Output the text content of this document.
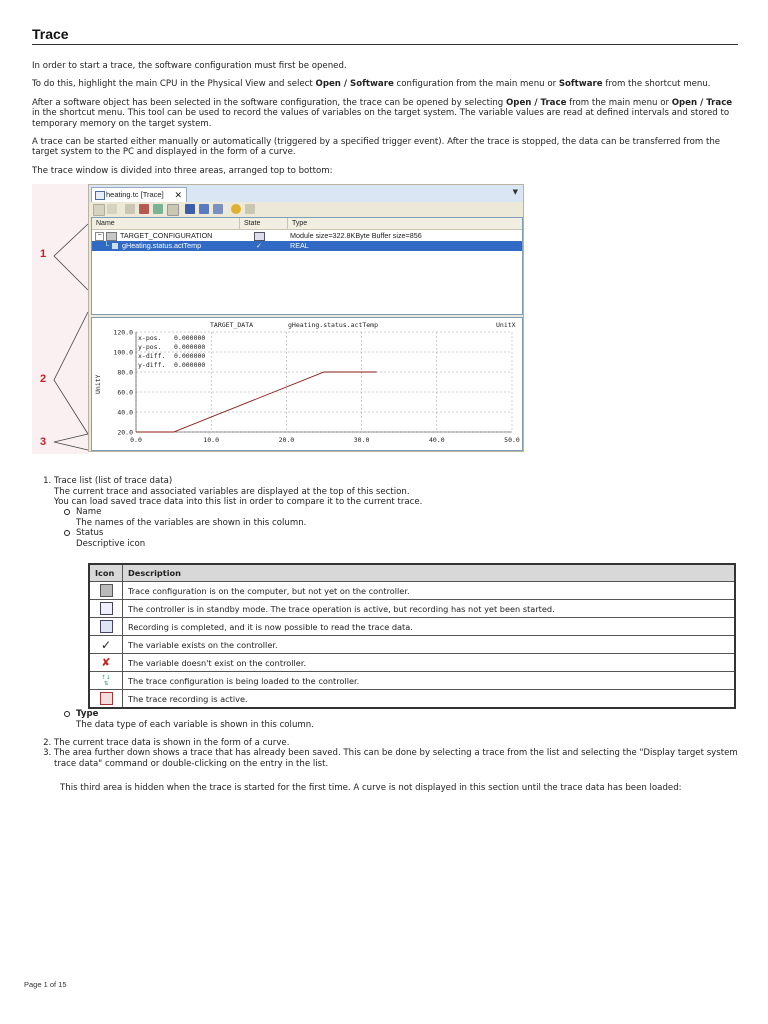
Trace

In order to start a trace, the software configuration must first be opened.

To do this, highlight the main CPU in the Physical View and select Open / Software configuration from the main menu or Software from the shortcut menu.

After a software object has been selected in the software configuration, the trace can be opened by selecting Open / Trace from the main menu or Open / Trace in the shortcut menu. This tool can be used to record the values of variables on the target system. The variable values are read at defined intervals and stored to temporary memory on the target system.

A trace can be started either manually or automatically (triggered by a specified trigger event). After the trace is stopped, the data can be transferred from the target system to the PC and displayed in the form of a curve.

The trace window is divided into three areas, arranged top to bottom:

1
2
3
heating.tc [Trace] ✕	▼
Name	State	Type
−	TARGET_CONFIGURATION	Module size=322.8KByte Buffer size=856
└ gHeating.status.actTemp	✓	REAL
TARGET_DATA	gHeating.status.actTemp	UnitX
UnitY
120.0
100.0
80.0
60.0
40.0
20.0
0.0	10.0	20.0	30.0	40.0	50.0
x-pos. 0.000000
y-pos. 0.000000
x-diff. 0.000000
y-diff. 0.000000
1. Trace list (list of trace data)
The current trace and associated variables are displayed at the top of this section.
You can load saved trace data into this list in order to compare it to the current trace.
Name
The names of the variables are shown in this column.
Status
Descriptive icon
Icon	Description
	Trace configuration is on the computer, but not yet on the controller.
	The controller is in standby mode. The trace operation is active, but recording has not yet been started.
	Recording is completed, and it is now possible to read the trace data.
✓	The variable exists on the controller.
✘	The variable doesn't exist on the controller.
↑↓
⇅	The trace configuration is being loaded to the controller.
	The trace recording is active.
Type
The data type of each variable is shown in this column.
2. The current trace data is shown in the form of a curve.
3. The area further down shows a trace that has already been saved. This can be done by selecting a trace from the list and selecting the "Display target system trace data" command or double-clicking on the entry in the list.

This third area is hidden when the trace is started for the first time. A curve is not displayed in this section until the trace data has been loaded:

Page 1 of 15
